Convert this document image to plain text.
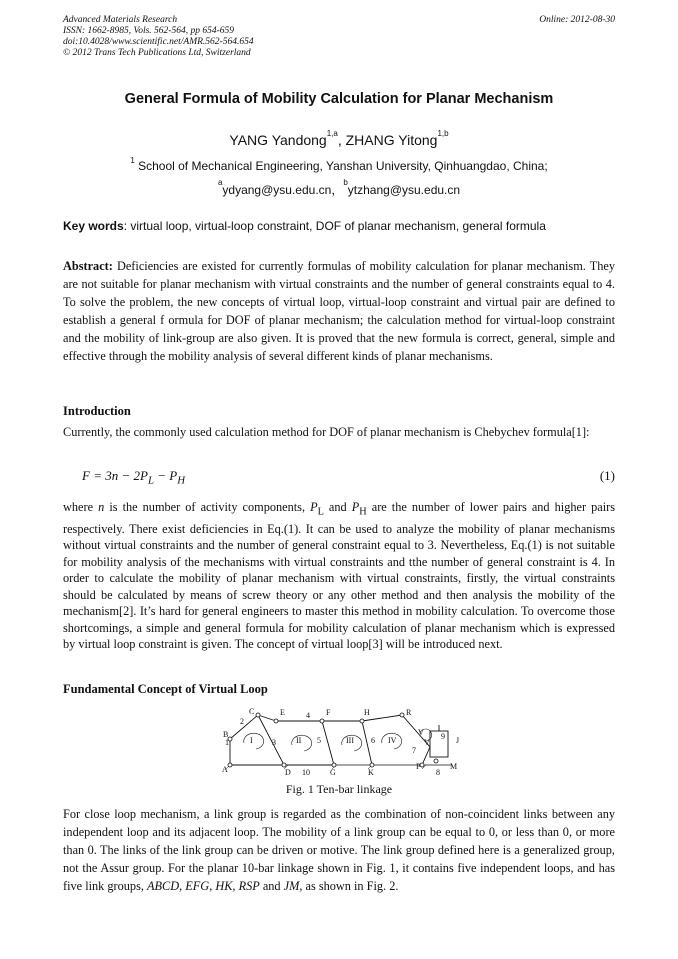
Advanced Materials Research
ISSN: 1662-8985, Vols. 562-564, pp 654-659
doi:10.4028/www.scientific.net/AMR.562-564.654
© 2012 Trans Tech Publications Ltd, Switzerland
Online: 2012-08-30
General Formula of Mobility Calculation for Planar Mechanism
YANG Yandong$^{1,a}$, ZHANG Yitong$^{1,b}$
$^1$ School of Mechanical Engineering, Yanshan University, Qinhuangdao, China;
$^a$ydyang@ysu.edu.cn，$^b$ytzhang@ysu.edu.cn
Key words: virtual loop, virtual-loop constraint, DOF of planar mechanism, general formula
Abstract: Deficiencies are existed for currently formulas of mobility calculation for planar mechanism. They are not suitable for planar mechanism with virtual constraints and the number of general constraints equal to 4. To solve the problem, the new concepts of virtual loop, virtual-loop constraint and virtual pair are defined to establish a general f ormula for DOF of planar mechanism; the calculation method for virtual-loop constraint and the mobility of link-group are also given. It is proved that the new formula is correct, general, simple and effective through the mobility analysis of several different kinds of planar mechanisms.
Introduction
Currently, the commonly used calculation method for DOF of planar mechanism is Chebychev formula[1]:
$F = 3n - 2P_L - P_H$	(1)
where n is the number of activity components, $P_L$ and $P_H$ are the number of lower pairs and higher pairs respectively. There exist deficiencies in Eq.(1). It can be used to analyze the mobility of planar mechanisms without virtual constraints and the number of general constraint equal to 3. Nevertheless, Eq.(1) is not suitable for mobility analysis of the mechanisms with virtual constraints and tthe number of general constraint is 4. In order to calculate the mobility of planar mechanism with virtual constraints, firstly, the virtual constraints should be calculated by means of screw theory or any other method and then analysis the mobility of the mechanism[2]. It’s hard for general engineers to master this method in mobility calculation. To overcome those shortcomings, a simple and general formula for mobility calculation of planar mechanism which is expressed by virtual loop constraint is given. The concept of virtual loop[3] will be introduced next.
Fundamental Concept of Virtual Loop
A
B
C
D
E	F
G
H
K
R
P
V
J
M
1
2
3
4
5	6
7
8
9
10
I	II	III	IV	V
Fig. 1 Ten-bar linkage
For close loop mechanism, a link group is regarded as the combination of non-coincident links between any independent loop and its adjacent loop. The mobility of a link group can be equal to 0, or less than 0, or more than 0. The links of the link group can be driven or motive. The link group defined here is a generalized group, not the Assur group. For the planar 10-bar linkage shown in Fig. 1, it contains five independent loops, and has five link groups, ABCD, EFG, HK, RSP and JM, as shown in Fig. 2.
